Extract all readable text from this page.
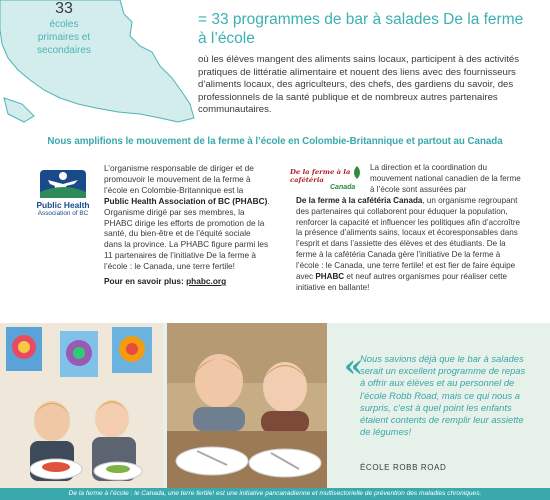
33
écoles primaires et secondaires
= 33 programmes de bar à salades De la ferme à l’école
où les élèves mangent des aliments sains locaux, participent à des activités pratiques de littératie alimentaire et nouent des liens avec des fournisseurs d’aliments locaux, des agriculteurs, des chefs, des gardiens du savoir, des professionnels de la santé publique et de nombreux autres partenaires communautaires.
Nous amplifions le mouvement de la ferme à l’école en Colombie-Britannique et partout au Canada
Public Health
Association of BC
L’organisme responsable de diriger et de promouvoir le mouvement de la ferme à l’école en Colombie-Britannique est la Public Health Association of BC (PHABC). Organisme dirigé par ses membres, la PHABC dirige les efforts de promotion de la santé, du bien-être et de l’équité sociale dans la province. La PHABC figure parmi les 11 partenaires de l’initiative De la ferme à l’école : le Canada, une terre fertile!
Pour en savoir plus: phabc.org
De la ferme à la cafétéria
Canada
La direction et la coordination du mouvement national canadien de la ferme à l’école sont assurées par
De la ferme à la cafétéria Canada, un organisme regroupant des partenaires qui collaborent pour éduquer la population, renforcer la capacité et influencer les politiques afin d’accroître la présence d’aliments sains, locaux et écoresponsables dans l’esprit et dans l’assiette des élèves et des étudiants. De la ferme à la cafétéria Canada gère l’initiative De la ferme à l’école : le Canada, une terre fertile! et est fier de faire équipe avec PHABC et neuf autres organismes pour réaliser cette initiative en ballante!
«
Nous savions déjà que le bar à salades serait un excellent programme de repas à offrir aux élèves et au personnel de l’école Robb Road, mais ce qui nous a surpris, c’est à quel point les enfants étaient contents de remplir leur assiette de légumes!
ÉCOLE ROBB ROAD
De la ferme à l’école : le Canada, une terre fertile! est une initiative pancanadienne et multisectorielle de prévention des maladies chroniques.
